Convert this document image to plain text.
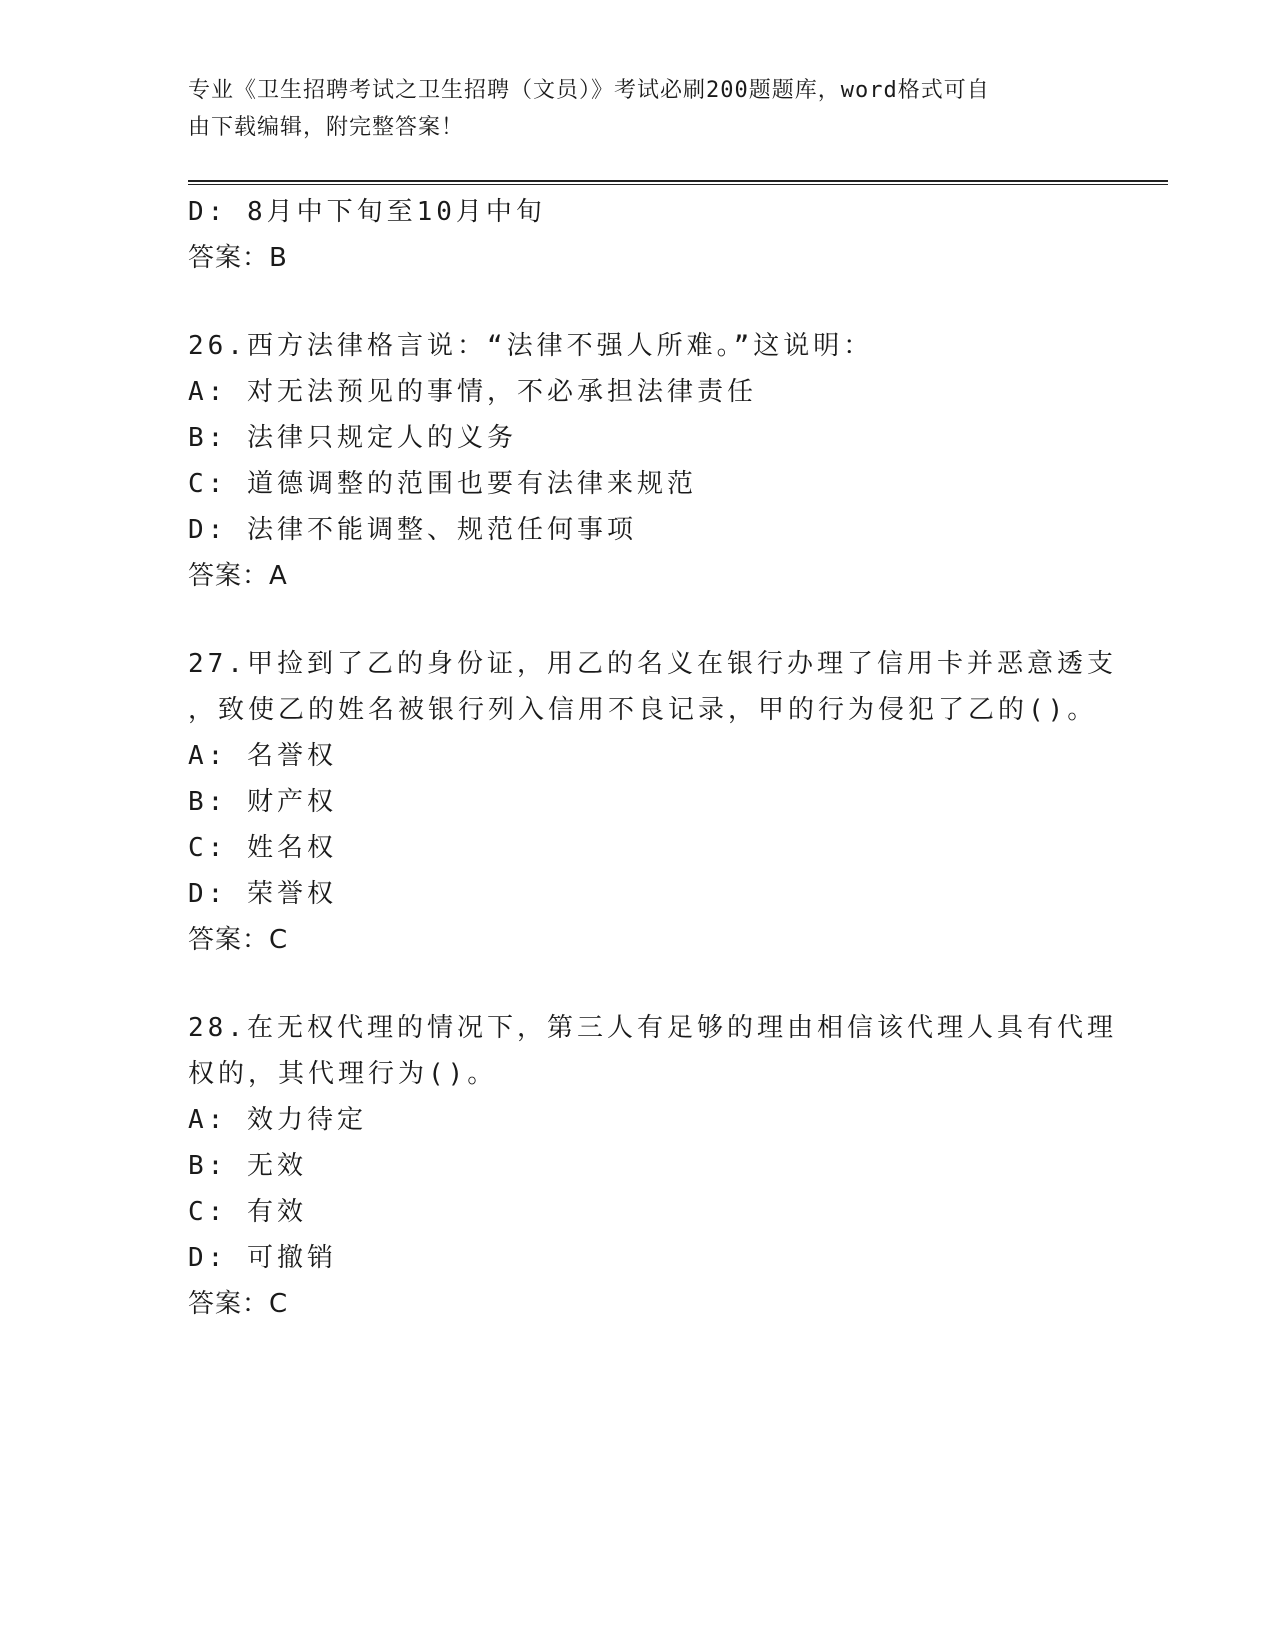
专业《卫生招聘考试之卫生招聘（文员）》考试必刷200题题库，word格式可自
由下载编辑，附完整答案！
D: 8月中下旬至10月中旬
答案：B
26.西方法律格言说：“法律不强人所难。”这说明：
A: 对无法预见的事情，不必承担法律责任
B: 法律只规定人的义务
C: 道德调整的范围也要有法律来规范
D: 法律不能调整、规范任何事项
答案：A
27.甲捡到了乙的身份证，用乙的名义在银行办理了信用卡并恶意透支
，致使乙的姓名被银行列入信用不良记录，甲的行为侵犯了乙的()。
A: 名誉权
B: 财产权
C: 姓名权
D: 荣誉权
答案：C
28.在无权代理的情况下，第三人有足够的理由相信该代理人具有代理
权的，其代理行为()。
A: 效力待定
B: 无效
C: 有效
D: 可撤销
答案：C
